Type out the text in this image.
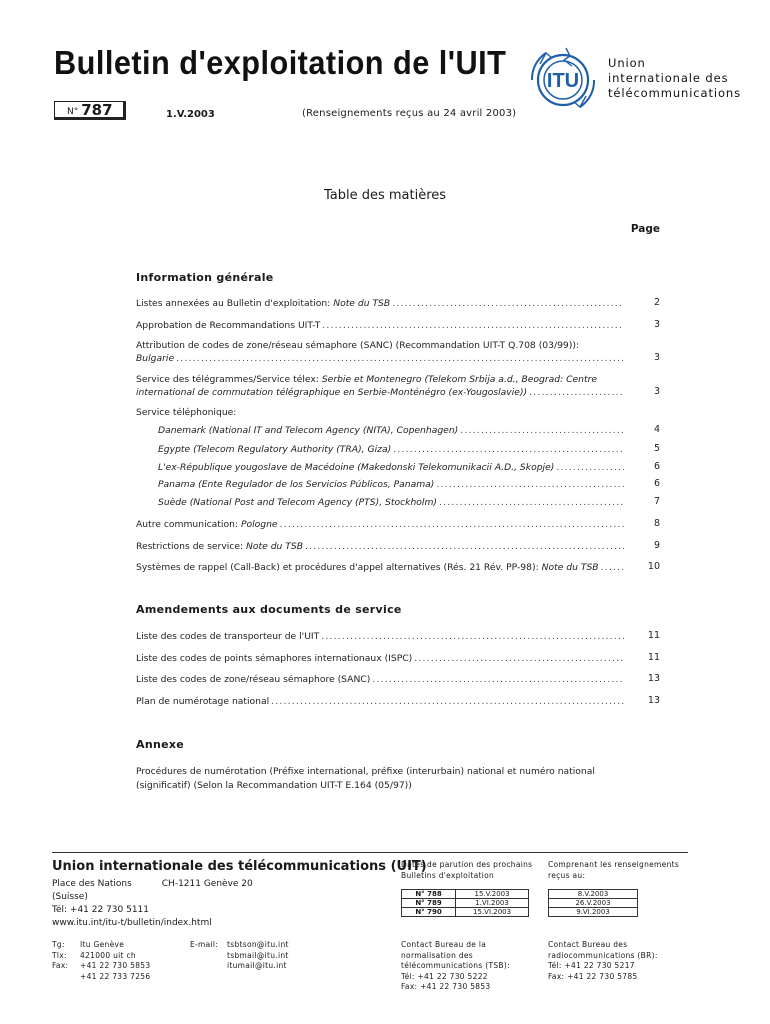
Bulletin d'exploitation de l'UIT ITU
Union
internationale des
télécommunications
N° 787	1.V.2003	(Renseignements reçus au 24 avril 2003)
Table des matières
Page
Information générale
Listes annexées au Bulletin d'exploitation: Note du TSB .....	2
Approbation de Recommandations UIT-T .....	3
Attribution de codes de zone/réseau sémaphore (SANC) (Recommandation UIT-T Q.708 (03/99)):
Bulgarie .....	3
Service des télégrammes/Service télex: Serbie et Montenegro (Telekom Srbija a.d., Beograd: Centre
international de commutation télégraphique en Serbie-Monténégro (ex-Yougoslavie)) .....	3
Service téléphonique:
Danemark (National IT and Telecom Agency (NITA), Copenhagen) .....	4
Egypte (Telecom Regulatory Authority (TRA), Giza) .....	5
L'ex-République yougoslave de Macédoine (Makedonski Telekomunikacii A.D., Skopje) .....	6
Panama (Ente Regulador de los Servicios Públicos, Panama) .....	6
Suède (National Post and Telecom Agency (PTS), Stockholm) .....	7
Autre communication: Pologne .....	8
Restrictions de service: Note du TSB .....	9
Systèmes de rappel (Call-Back) et procédures d'appel alternatives (Rés. 21 Rév. PP-98): Note du TSB .....	10
Amendements aux documents de service
Liste des codes de transporteur de l'UIT .....	11
Liste des codes de points sémaphores internationaux (ISPC) .....	11
Liste des codes de zone/réseau sémaphore (SANC) .....	13
Plan de numérotage national .....	13
Annexe
Procédures de numérotation (Préfixe international, préfixe (interurbain) national et numéro national (significatif) (Selon la Recommandation UIT-T E.164 (05/97))
Union internationale des télécommunications (UIT)
Place des Nations	CH-1211 Genève 20
(Suisse)
Tél: +41 22 730 5111
www.itu.int/itu-t/bulletin/index.html
Tg: Itu Genève
Tlx: 421000 uit ch
Fax: +41 22 730 5853
+41 22 733 7256
E-mail: tsbtson@itu.int
tsbmail@itu.int
itumail@itu.int
Dates de parution des prochains Bulletins d'exploitation
Comprenant les renseignements reçus au:
N° 788	15.V.2003
N° 789	1.VI.2003
N° 790	15.VI.2003
8.V.2003
26.V.2003
9.VI.2003
Contact Bureau de la
normalisation des
télécommunications (TSB):
Tél: +41 22 730 5222
Fax: +41 22 730 5853
Contact Bureau des
radiocommunications (BR):
Tél: +41 22 730 5217
Fax: +41 22 730 5785
